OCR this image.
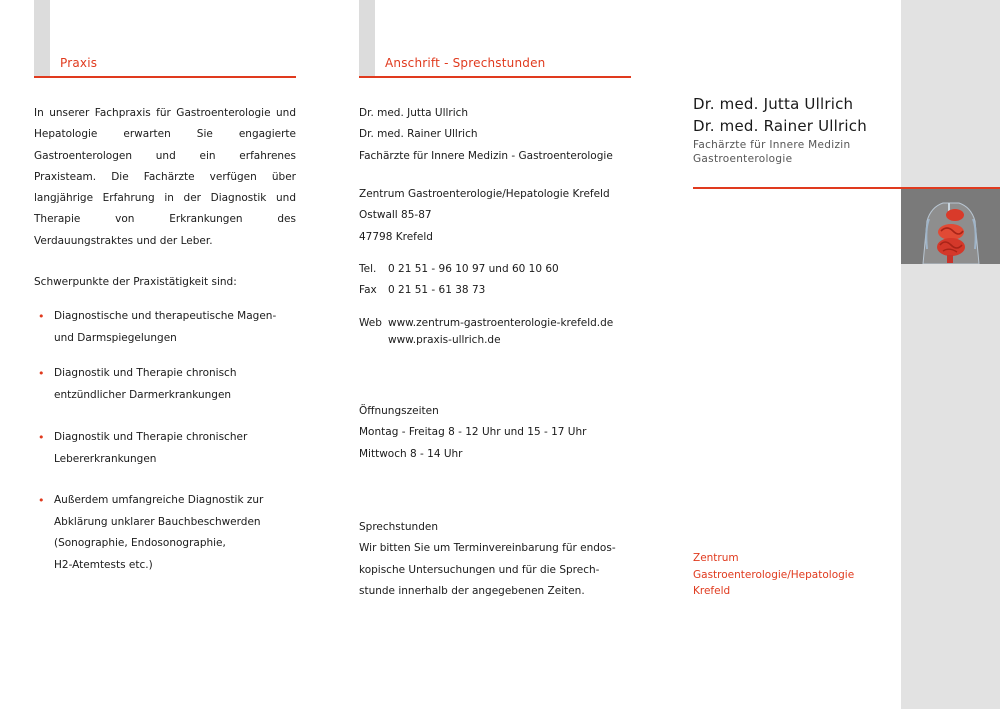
Praxis
In unserer Fachpraxis für Gastroenterologie und Hepatologie erwarten Sie engagierte Gastroenterologen und ein erfahrenes Praxisteam. Die Fachärzte verfügen über langjährige Erfahrung in der Diagnostik und Therapie von Erkrankungen des Verdauungstraktes und der Leber.
Schwerpunkte der Praxistätigkeit sind:
• Diagnostische und therapeutische Magen-
und Darmspiegelungen
• Diagnostik und Therapie chronisch
entzündlicher Darmerkrankungen
• Diagnostik und Therapie chronischer
Lebererkrankungen
• Außerdem umfangreiche Diagnostik zur
Abklärung unklarer Bauchbeschwerden
(Sonographie, Endosonographie,
H2-Atemtests etc.)
Anschrift - Sprechstunden
Dr. med. Jutta Ullrich
Dr. med. Rainer Ullrich
Fachärzte für Innere Medizin - Gastroenterologie
Zentrum Gastroenterologie/Hepatologie Krefeld
Ostwall 85-87
47798 Krefeld
Tel. 0 21 51 - 96 10 97 und 60 10 60
Fax 0 21 51 - 61 38 73
Web www.zentrum-gastroenterologie-krefeld.de
www.praxis-ullrich.de
Öffnungszeiten
Montag - Freitag 8 - 12 Uhr und 15 - 17 Uhr
Mittwoch 8 - 14 Uhr
Sprechstunden
Wir bitten Sie um Terminvereinbarung für endos-
kopische Untersuchungen und für die Sprech-
stunde innerhalb der angegebenen Zeiten.
Dr. med. Jutta Ullrich
Dr. med. Rainer Ullrich
Fachärzte für Innere Medizin
Gastroenterologie
Zentrum
Gastroenterologie/Hepatologie
Krefeld
